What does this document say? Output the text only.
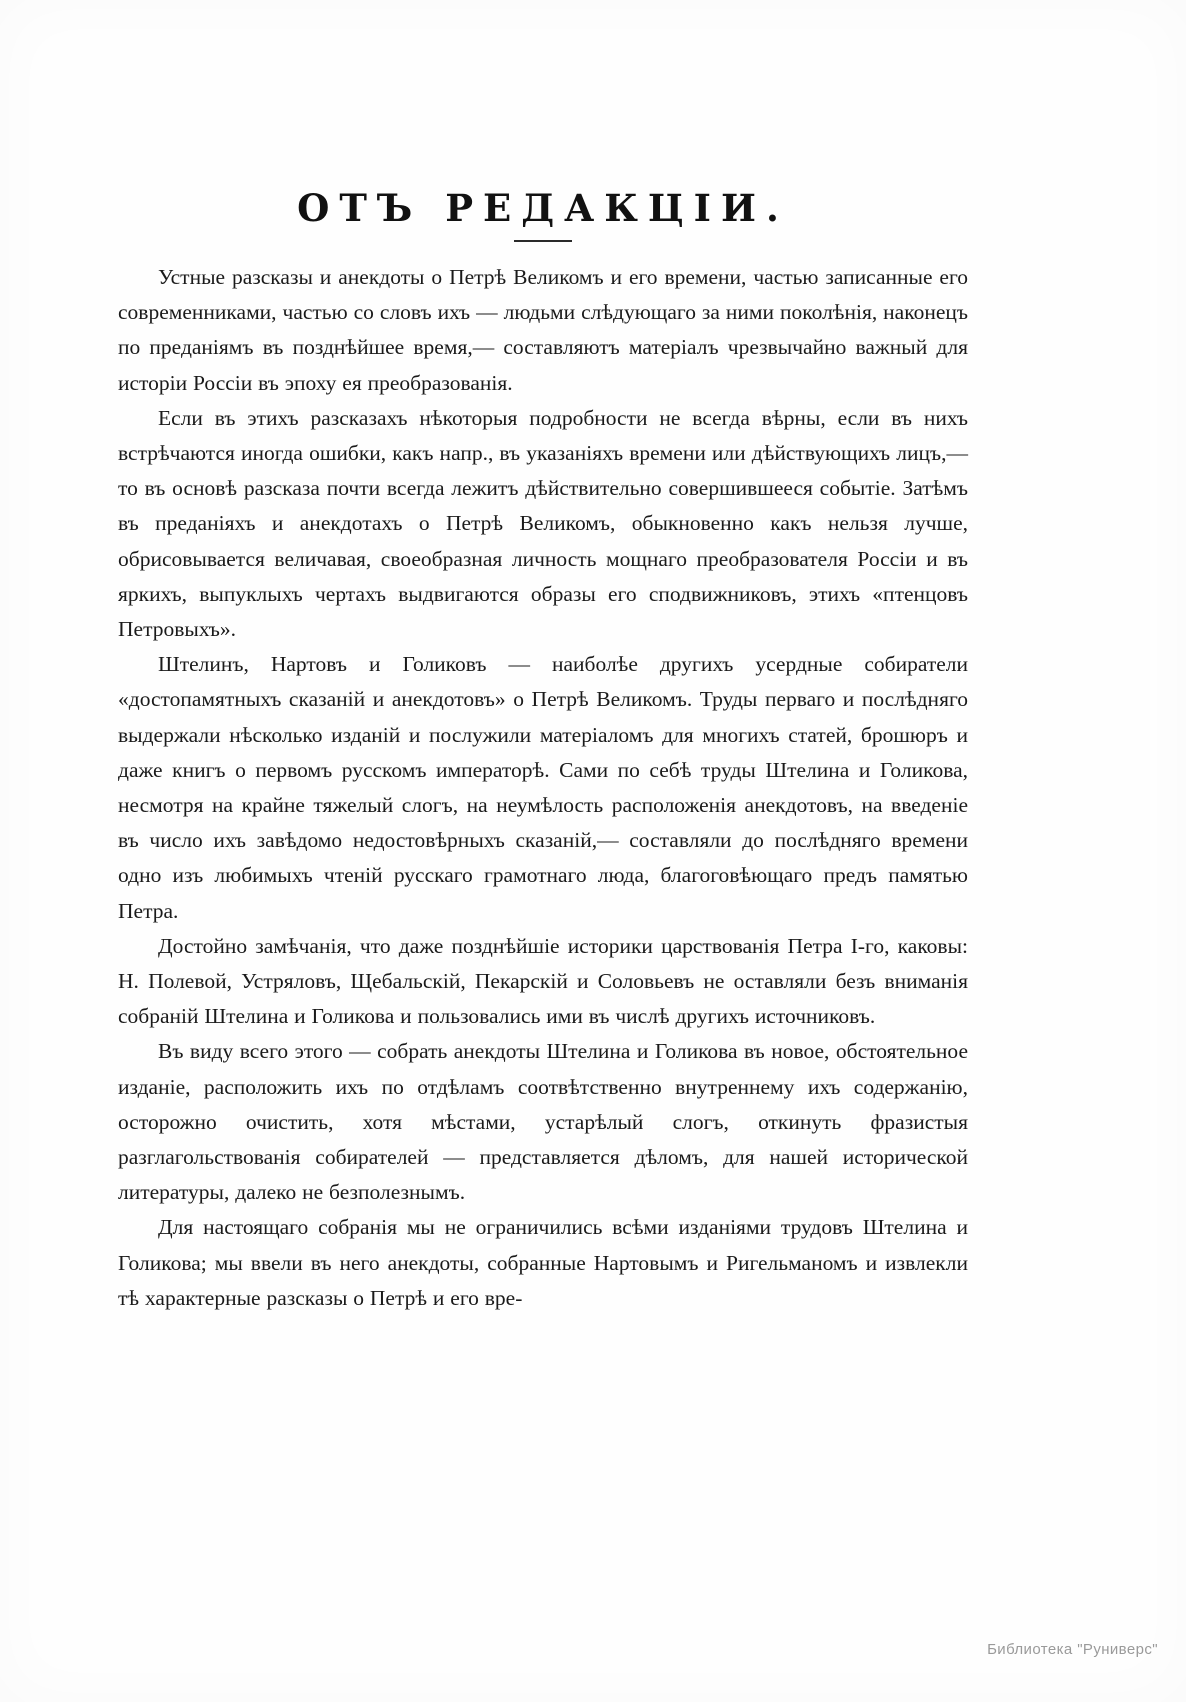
ОТЪ РЕДАКЦІИ.

Устные разсказы и анекдоты о Петрѣ Великомъ и его времени, частью записанные его современниками, частью со словъ ихъ — людьми слѣдующаго за ними поколѣнія, наконецъ по преданіямъ въ позднѣйшее время,— составляютъ матеріалъ чрезвычайно важный для исторіи Россіи въ эпоху ея преобразованія.

Если въ этихъ разсказахъ нѣкоторыя подробности не всегда вѣрны, если въ нихъ встрѣчаются иногда ошибки, какъ напр., въ указаніяхъ времени или дѣйствующихъ лицъ,— то въ основѣ разсказа почти всегда лежитъ дѣйствительно совершившееся событіе. Затѣмъ въ преданіяхъ и анекдотахъ о Петрѣ Великомъ, обыкновенно какъ нельзя лучше, обрисовывается величавая, своеобразная личность мощнаго преобразователя Россіи и въ яркихъ, выпуклыхъ чертахъ выдвигаются образы его сподвижниковъ, этихъ «птенцовъ Петровыхъ».

Штелинъ, Нартовъ и Голиковъ — наиболѣе другихъ усердные собиратели «достопамятныхъ сказаній и анекдотовъ» о Петрѣ Великомъ. Труды перваго и послѣдняго выдержали нѣсколько изданій и послужили матеріаломъ для многихъ статей, брошюръ и даже книгъ о первомъ русскомъ императорѣ. Сами по себѣ труды Штелина и Голикова, несмотря на крайне тяжелый слогъ, на неумѣлость расположенія анекдотовъ, на введеніе въ число ихъ завѣдомо недостовѣрныхъ сказаній,— составляли до послѣдняго времени одно изъ любимыхъ чтеній русскаго грамотнаго люда, благоговѣющаго предъ памятью Петра.

Достойно замѣчанія, что даже позднѣйшіе историки царствованія Петра I-го, каковы: Н. Полевой, Устряловъ, Щебальскій, Пекарскій и Соловьевъ не оставляли безъ вниманія собраній Штелина и Голикова и пользовались ими въ числѣ другихъ источниковъ.

Въ виду всего этого — собрать анекдоты Штелина и Голикова въ новое, обстоятельное изданіе, расположить ихъ по отдѣламъ соотвѣтственно внутреннему ихъ содержанію, осторожно очистить, хотя мѣстами, устарѣлый слогъ, откинуть фразистыя разглагольствованія собирателей — представляется дѣломъ, для нашей исторической литературы, далеко не безполезнымъ.

Для настоящаго собранія мы не ограничились всѣми изданіями трудовъ Штелина и Голикова; мы ввели въ него анекдоты, собранные Нартовымъ и Ригельманомъ и извлекли тѣ характерные разсказы о Петрѣ и его вре-

Библиотека "Руниверс"
